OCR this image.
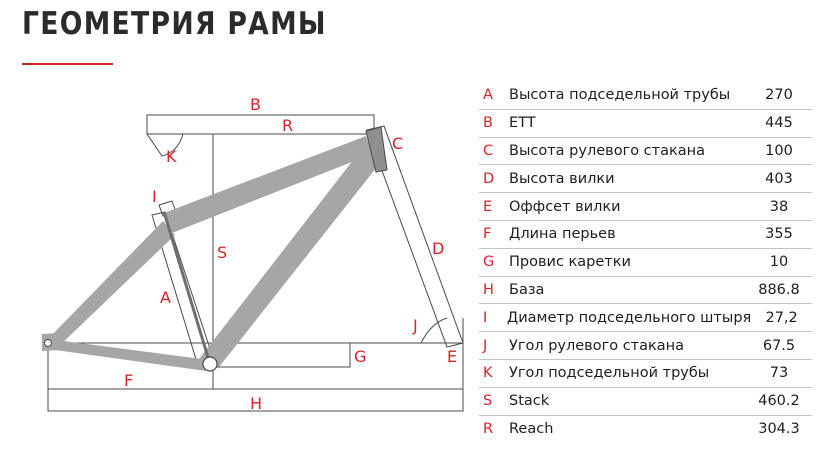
ГЕОМЕТРИЯ РАМЫ
B
R
K
C
I
S	D
A
J
G	E
F
H
A	Высота подседельной трубы	270
B	ETT	445
C	Высота рулевого стакана	100
D	Высота вилки	403
E	Оффсет вилки	38
F	Длина перьев	355
G	Провис каретки	10
H	База	886.8
I	Диаметр подседельного штыря 27,2
J	Угол рулевого стакана	67.5
K	Угол подседельной трубы	73
S	Stack	460.2
R	Reach	304.3
